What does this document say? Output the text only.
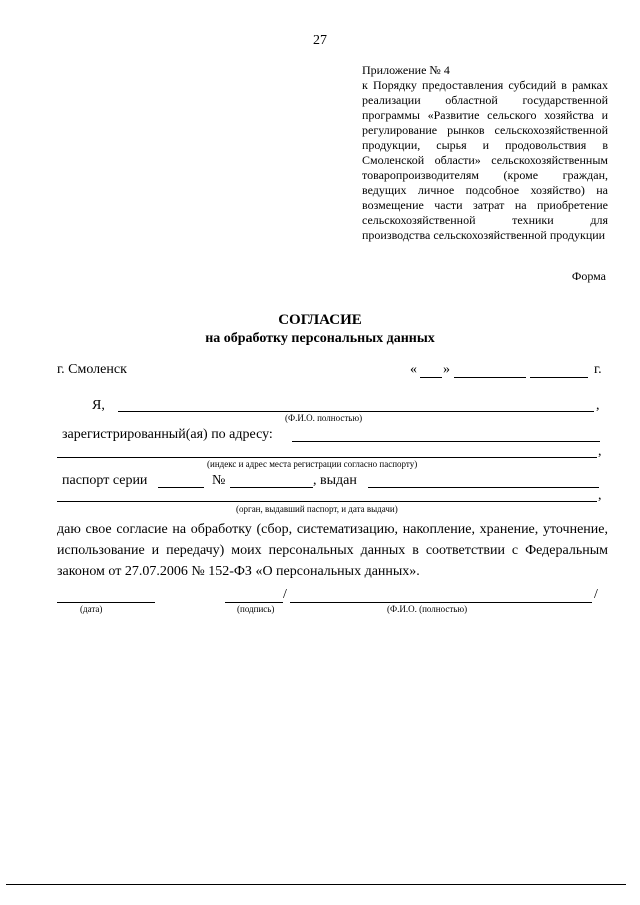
27
Приложение № 4
к Порядку предоставления субсидий в рамках реализации областной государственной программы «Развитие сельского хозяйства и регулирование рынков сельскохозяйственной продукции, сырья и продовольствия в Смоленской области» сельскохозяйственным товаропроизводителям (кроме граждан, ведущих личное подсобное хозяйство) на возмещение части затрат на приобретение сельскохозяйственной техники для производства сельскохозяйственной продукции
Форма
СОГЛАСИЕ
на обработку персональных данных
г. Смоленск	« »	г.
Я,	,
(Ф.И.О. полностью)
зарегистрированный(ая) по адресу:
,
(индекс и адрес места регистрации согласно паспорту)
паспорт серии	№	, выдан
,
(орган, выдавший паспорт, и дата выдачи)
даю свое согласие на обработку (сбор, систематизацию, накопление, хранение, уточнение, использование и передачу) моих персональных данных в соответствии с Федеральным законом от 27.07.2006 № 152-ФЗ «О персональных данных».
/	/
(дата)	(подпись)	(Ф.И.О. (полностью)
